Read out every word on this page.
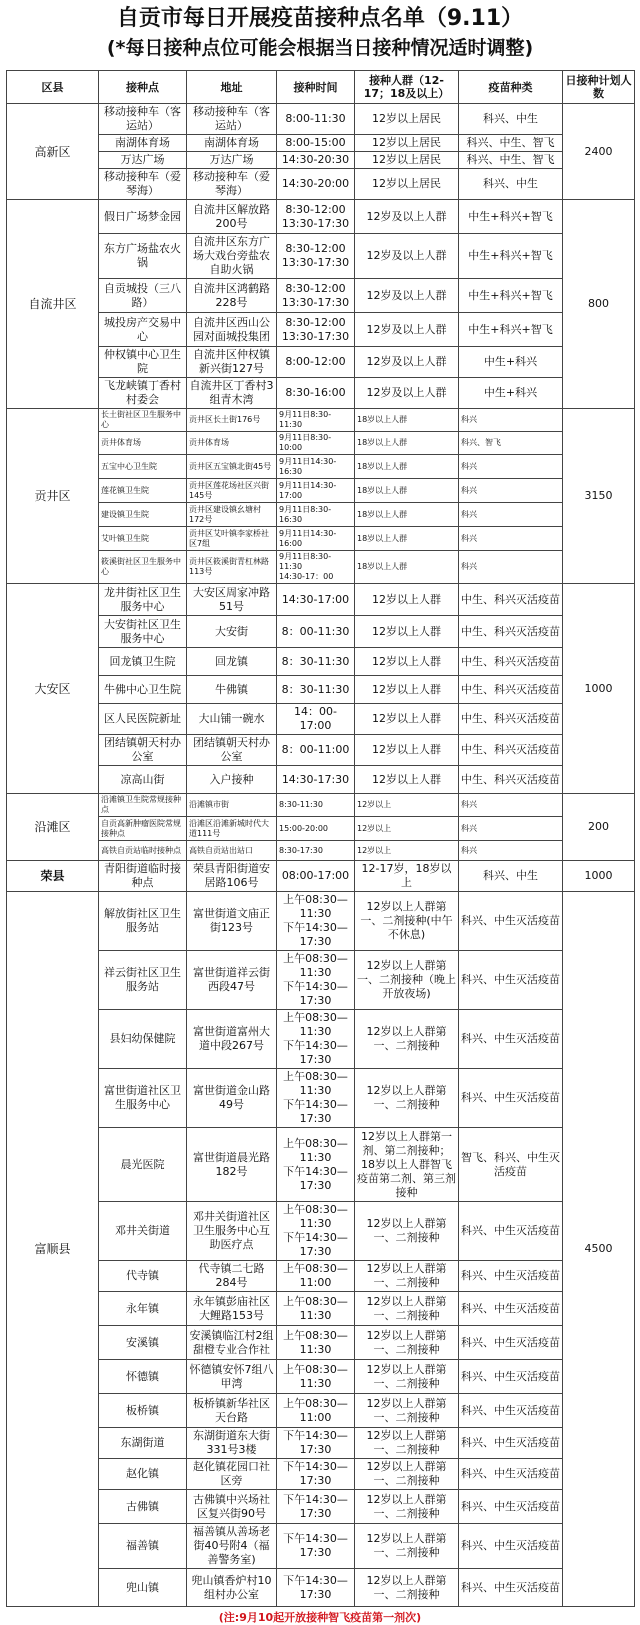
自贡市每日开展疫苗接种点名单（9.11）
(*每日接种点位可能会根据当日接种情况适时调整)
区县	接种点	地址	接种时间	接种人群（12-17；18及以上）	疫苗种类	日接种计划人数
高新区	移动接种车（客运站）	移动接种车（客运站）	8:00-11:30	12岁以上居民	科兴、中生	2400
	南湖体育场	南湖体育场	8:00-15:00	12岁以上居民	科兴、中生、智飞	
	万达广场	万达广场	14:30-20:30	12岁以上居民	科兴、中生、智飞	
	移动接种车（爱琴海）	移动接种车（爱琴海）	14:30-20:00	12岁以上居民	科兴、中生	
自流井区	假日广场梦金园	自流井区解放路200号	8:30-12:00
13:30-17:30	12岁及以上人群	中生+科兴+智飞	800
	东方广场盐农火锅	自流井区东方广场大戏台旁盐农自助火锅	8:30-12:00
13:30-17:30	12岁及以上人群	中生+科兴+智飞	
	自贡城投（三八路）	自流井区鸿鹤路228号	8:30-12:00
13:30-17:30	12岁及以上人群	中生+科兴+智飞	
	城投房产交易中心	自流井区西山公园对面城投集团	8:30-12:00
13:30-17:30	12岁及以上人群	中生+科兴+智飞	
	仲权镇中心卫生院	自流井区仲权镇新兴街127号	8:00-12:00	12岁及以上人群	中生+科兴	
	飞龙峡镇丁香村村委会	自流井区丁香村3组青木湾	8:30-16:00	12岁及以上人群	中生+科兴	
贡井区	长土街社区卫生服务中心	贡井区长土街176号	9月11日8:30-11:30	18岁以上人群	科兴	3150
	贡井体育场	贡井体育场	9月11日8:30-10:00	18岁以上人群	科兴、智飞	
	五宝中心卫生院	贡井区五宝镇北街45号	9月11日14:30-16:30	18岁以上人群	科兴	
	莲花镇卫生院	贡井区莲花场社区兴街145号	9月11日14:30-17:00	18岁以上人群	科兴	
	建设镇卫生院	贡井区建设镇幺塘村172号	9月11日8:30-16:30	18岁以上人群	科兴	
	艾叶镇卫生院	贡井区艾叶镇李家桥社区7组	9月11日14:30-16:00	18岁以上人群	科兴	
	筱溪街社区卫生服务中心	贡井区筱溪街青杠林路113号	9月11日8:30-11:30
14:30-17：00	18岁以上人群	科兴	
大安区	龙井街社区卫生服务中心	大安区周家冲路51号	14:30-17:00	12岁以上人群	中生、科兴灭活疫苗	1000
	大安街社区卫生服务中心	大安街	8：00-11:30	12岁以上人群	中生、科兴灭活疫苗	
	回龙镇卫生院	回龙镇	8：30-11:30	12岁以上人群	中生、科兴灭活疫苗	
	牛佛中心卫生院	牛佛镇	8：30-11:30	12岁以上人群	中生、科兴灭活疫苗	
	区人民医院新址	大山铺一碗水	14：00-17:00	12岁以上人群	中生、科兴灭活疫苗	
	团结镇朝天村办公室	团结镇朝天村办公室	8：00-11:00	12岁以上人群	中生、科兴灭活疫苗	
	凉高山街	入户接种	14:30-17:30	12岁以上人群	中生、科兴灭活疫苗	
沿滩区	沿滩镇卫生院常规接种点	沿滩镇市街	8:30-11:30	12岁以上	科兴	200
	自贡高新肿瘤医院常规接种点	沿滩区沿滩新城时代大道111号	15:00-20:00	12岁以上	科兴	
	高铁自贡站临时接种点	高铁自贡站出站口	8:30-17:30	12岁以上	科兴	
荣县	青阳街道临时接种点	荣县青阳街道安居路106号	08:00-17:00	12-17岁，18岁以上	科兴、中生	1000
富顺县	解放街社区卫生服务站	富世街道文庙正街123号	上午08:30—11:30
下午14:30—17:30	12岁以上人群第一、二剂接种(中午不休息)	科兴、中生灭活疫苗	4500
	祥云街社区卫生服务站	富世街道祥云街西段47号	上午08:30—11:30
下午14:30—17:30	12岁以上人群第一、二剂接种（晚上开放夜场)	科兴、中生灭活疫苗	
	县妇幼保健院	富世街道富州大道中段267号	上午08:30—11:30
下午14:30—17:30	12岁以上人群第一、二剂接种	科兴、中生灭活疫苗	
	富世街道社区卫生服务中心	富世街道金山路49号	上午08:30—11:30
下午14:30—17:30	12岁以上人群第一、二剂接种	科兴、中生灭活疫苗	
	晨光医院	富世街道晨光路182号	上午08:30—11:30
下午14:30—17:30	12岁以上人群第一剂、第二剂接种；18岁以上人群智飞疫苗第二剂、第三剂接种	智飞、科兴、中生灭活疫苗	
	邓井关街道	邓井关街道社区卫生服务中心互助医疗点	上午08:30—11:30
下午14:30—17:30	12岁以上人群第一、二剂接种	科兴、中生灭活疫苗	
	代寺镇	代寺镇二七路284号	上午08:30—11:00	12岁以上人群第一、二剂接种	科兴、中生灭活疫苗	
	永年镇	永年镇彭庙社区大鲤路153号	上午08:30—11:30	12岁以上人群第一、二剂接种	科兴、中生灭活疫苗	
	安溪镇	安溪镇临江村2组甜橙专业合作社	上午08:30—11:30	12岁以上人群第一、二剂接种	科兴、中生灭活疫苗	
	怀德镇	怀德镇安怀7组八甲湾	上午08:30—11:30	12岁以上人群第一、二剂接种	科兴、中生灭活疫苗	
	板桥镇	板桥镇新华社区天台路	上午08:30—11:00	12岁以上人群第一、二剂接种	科兴、中生灭活疫苗	
	东湖街道	东湖街道东大街331号3楼	下午14:30—17:30	12岁以上人群第一、二剂接种	科兴、中生灭活疫苗	
	赵化镇	赵化镇花园口社区旁	下午14:30—17:30	12岁以上人群第一、二剂接种	科兴、中生灭活疫苗	
	古佛镇	古佛镇中兴场社区复兴街90号	下午14:30—17:30	12岁以上人群第一、二剂接种	科兴、中生灭活疫苗	
	福善镇	福善镇从善场老街40号附4（福善警务室)	下午14:30—17:30	12岁以上人群第一、二剂接种	科兴、中生灭活疫苗	
	兜山镇	兜山镇香炉村10组村办公室	下午14:30—17:30	12岁以上人群第一、二剂接种	科兴、中生灭活疫苗	
(注:9月10起开放接种智飞疫苗第一剂次)
